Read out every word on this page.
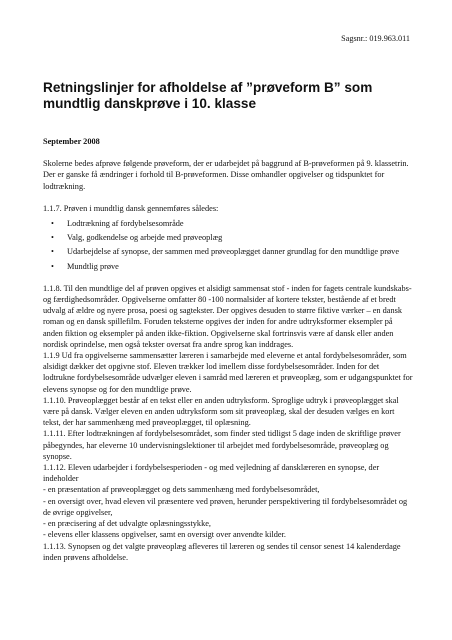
Sagsnr.: 019.963.011
Retningslinjer for afholdelse af ”prøveform B” som mundtlig danskprøve i 10. klasse
September 2008

Skolerne bedes afprøve følgende prøveform, der er udarbejdet på baggrund af B-prøveformen på 9. klassetrin. Der er ganske få ændringer i forhold til B-prøveformen. Disse omhandler opgivelser og tidspunktet for lodtrækning.

1.1.7. Prøven i mundtlig dansk gennemføres således:

• Lodtrækning af fordybelsesområde
• Valg, godkendelse og arbejde med prøveoplæg
• Udarbejdelse af synopse, der sammen med prøveoplægget danner grundlag for den mundtlige prøve
• Mundtlig prøve

1.1.8. Til den mundtlige del af prøven opgives et alsidigt sammensat stof - inden for fagets centrale kundskabs- og færdighedsområder. Opgivelserne omfatter 80 -100 normalsider af kortere tekster, bestående af et bredt udvalg af ældre og nyere prosa, poesi og sagtekster. Der opgives desuden to større fiktive værker – en dansk roman og en dansk spillefilm. Foruden teksterne opgives der inden for andre udtryksformer eksempler på anden fiktion og eksempler på anden ikke-fiktion. Opgivelserne skal fortrinsvis være af dansk eller anden nordisk oprindelse, men også tekster oversat fra andre sprog kan inddrages.

1.1.9 Ud fra opgivelserne sammensætter læreren i samarbejde med eleverne et antal fordybelsesområder, som alsidigt dækker det opgivne stof. Eleven trækker lod imellem disse fordybelsesområder. Inden for det lodtrukne fordybelsesområde udvælger eleven i samråd med læreren et prøveoplæg, som er udgangspunktet for elevens synopse og for den mundtlige prøve.

1.1.10. Prøveoplægget består af en tekst eller en anden udtryksform. Sproglige udtryk i prøveoplægget skal være på dansk. Vælger eleven en anden udtryksform som sit prøveoplæg, skal der desuden vælges en kort tekst, der har sammenhæng med prøveoplægget, til oplæsning.

1.1.11. Efter lodtrækningen af fordybelsesområdet, som finder sted tidligst 5 dage inden de skriftlige prøver påbegyndes, har eleverne 10 undervisningslektioner til arbejdet med fordybelsesområde, prøveoplæg og synopse.

1.1.12. Eleven udarbejder i fordybelsesperioden - og med vejledning af dansklæreren en synopse, der indeholder

- en præsentation af prøveoplægget og dets sammenhæng med fordybelsesområdet,
- en oversigt over, hvad eleven vil præsentere ved prøven, herunder perspektivering til fordybelsesområdet og de øvrige opgivelser,
- en præcisering af det udvalgte oplæsningsstykke,
- elevens eller klassens opgivelser, samt en oversigt over anvendte kilder.

1.1.13. Synopsen og det valgte prøveoplæg afleveres til læreren og sendes til censor senest 14 kalenderdage inden prøvens afholdelse.
